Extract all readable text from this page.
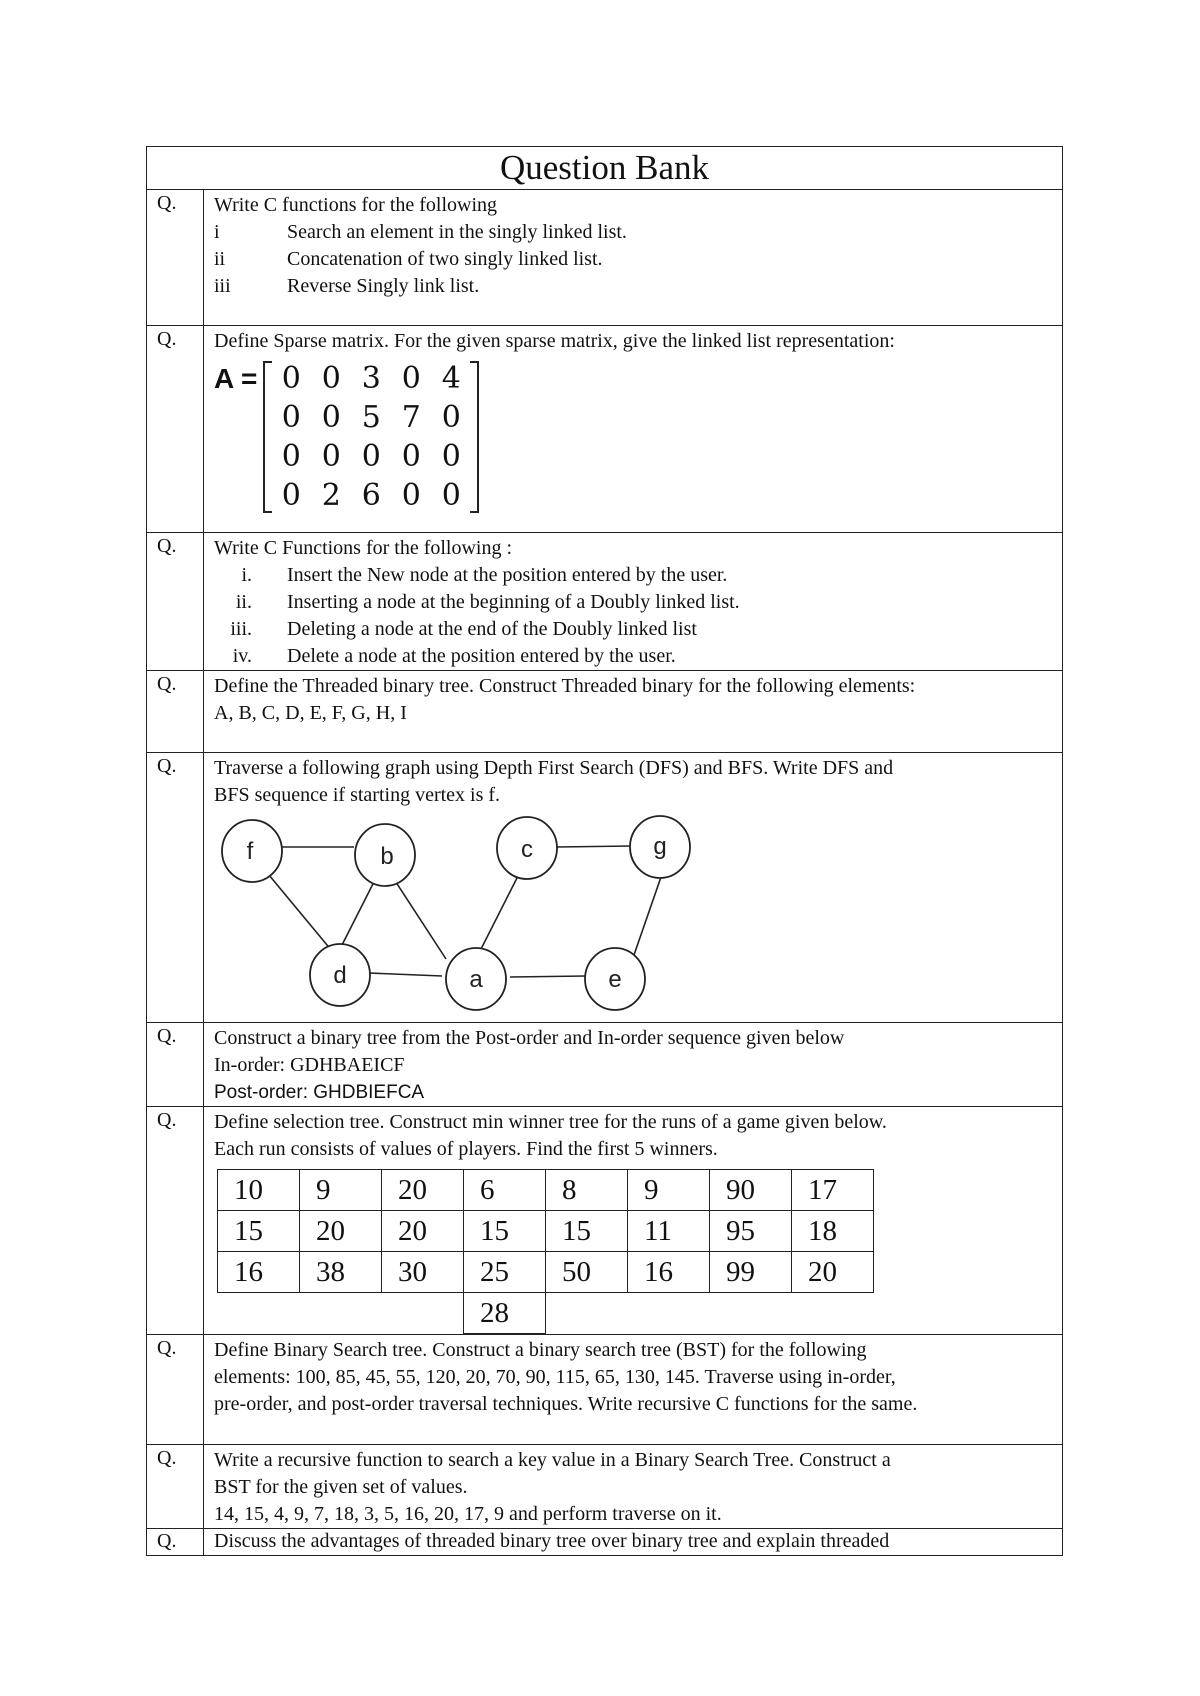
Question Bank
Q.	Write C functions for the following
i	Search an element in the singly linked list.
ii	Concatenation of two singly linked list.
iii	Reverse Singly link list.

Q.	Define Sparse matrix. For the given sparse matrix, give the linked list representation:
A = 0 0 3 0 4
0 0 5 7 0
0 0 0 0 0
0 2 6 0 0

Q.	Write C Functions for the following :
i.	Insert the New node at the position entered by the user.
ii.	Inserting a node at the beginning of a Doubly linked list.
iii.	Deleting a node at the end of the Doubly linked list
iv.	Delete a node at the position entered by the user.

Q.	Define the Threaded binary tree. Construct Threaded binary for the following elements:
A, B, C, D, E, F, G, H, I

Q.	Traverse a following graph using Depth First Search (DFS) and BFS. Write DFS and
BFS sequence if starting vertex is f.
f	b	c	g
d	a	e

Q.	Construct a binary tree from the Post-order and In-order sequence given below
In-order: GDHBAEICF
Post-order: GHDBIEFCA

Q.	Define selection tree. Construct min winner tree for the runs of a game given below.
Each run consists of values of players. Find the first 5 winners.
10	9	20	6	8	9	90	17
15	20	20	15	15	11	95	18
16	38	30	25	50	16	99	20
			28				

Q.	Define Binary Search tree. Construct a binary search tree (BST) for the following
elements: 100, 85, 45, 55, 120, 20, 70, 90, 115, 65, 130, 145. Traverse using in-order,
pre-order, and post-order traversal techniques. Write recursive C functions for the same.

Q.	Write a recursive function to search a key value in a Binary Search Tree. Construct a
BST for the given set of values.
14, 15, 4, 9, 7, 18, 3, 5, 16, 20, 17, 9 and perform traverse on it.

Q.	Discuss the advantages of threaded binary tree over binary tree and explain threaded
